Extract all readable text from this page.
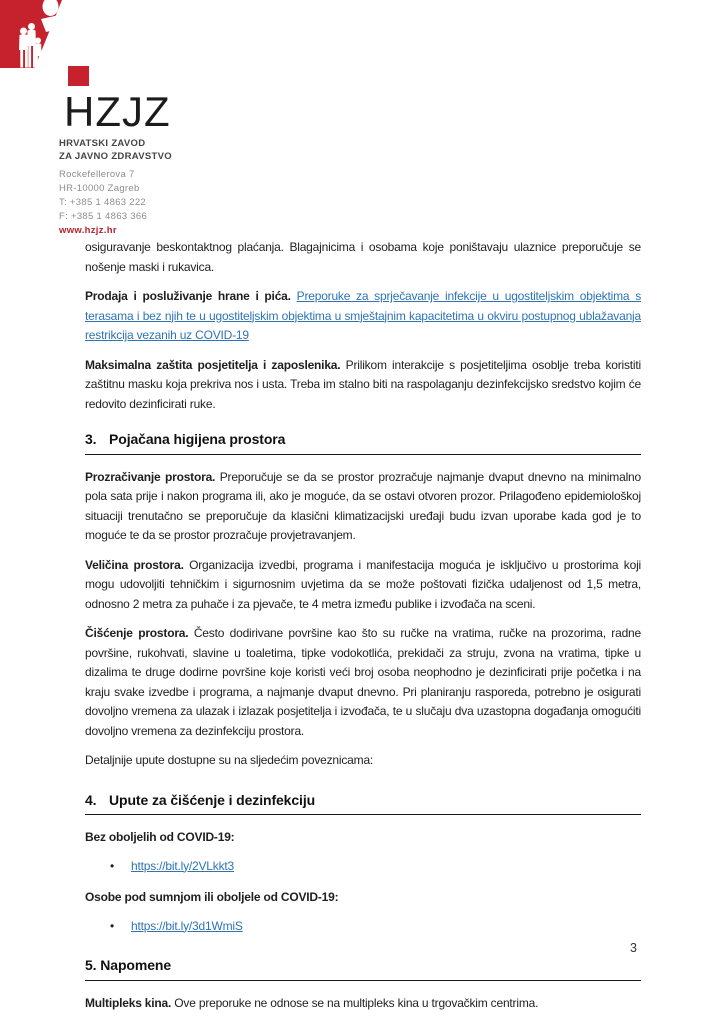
HZJZ
HRVATSKI ZAVOD
ZA JAVNO ZDRAVSTVO
Rockefellerova 7
HR-10000 Zagreb
T: +385 1 4863 222
F: +385 1 4863 366
www.hzjz.hr

osiguravanje beskontaktnog plaćanja. Blagajnicima i osobama koje poništavaju ulaznice preporučuje se nošenje maski i rukavica.

Prodaja i posluživanje hrane i pića. Preporuke za sprječavanje infekcije u ugostiteljskim objektima s terasama i bez njih te u ugostiteljskim objektima u smještajnim kapacitetima u okviru postupnog ublažavanja restrikcija vezanih uz COVID-19

Maksimalna zaštita posjetitelja i zaposlenika. Prilikom interakcije s posjetiteljima osoblje treba koristiti zaštitnu masku koja prekriva nos i usta. Treba im stalno biti na raspolaganju dezinfekcijsko sredstvo kojim će redovito dezinficirati ruke.

3. Pojačana higijena prostora

Prozračivanje prostora. Preporučuje se da se prostor prozračuje najmanje dvaput dnevno na minimalno pola sata prije i nakon programa ili, ako je moguće, da se ostavi otvoren prozor. Prilagođeno epidemiološkoj situaciji trenutačno se preporučuje da klasični klimatizacijski uređaji budu izvan uporabe kada god je to moguće te da se prostor prozračuje provjetravanjem.

Veličina prostora. Organizacija izvedbi, programa i manifestacija moguća je isključivo u prostorima koji mogu udovoljiti tehničkim i sigurnosnim uvjetima da se može poštovati fizička udaljenost od 1,5 metra, odnosno 2 metra za puhače i za pjevače, te 4 metra između publike i izvođača na sceni.

Čišćenje prostora. Često dodirivane površine kao što su ručke na vratima, ručke na prozorima, radne površine, rukohvati, slavine u toaletima, tipke vodokotlića, prekidači za struju, zvona na vratima, tipke u dizalima te druge dodirne površine koje koristi veći broj osoba neophodno je dezinficirati prije početka i na kraju svake izvedbe i programa, a najmanje dvaput dnevno. Pri planiranju rasporeda, potrebno je osigurati dovoljno vremena za ulazak i izlazak posjetitelja i izvođača, te u slučaju dva uzastopna događanja omogućiti dovoljno vremena za dezinfekciju prostora.

Detaljnije upute dostupne su na sljedećim poveznicama:

4. Upute za čišćenje i dezinfekciju

Bez oboljelih od COVID-19:

• https://bit.ly/2VLkkt3

Osobe pod sumnjom ili oboljele od COVID-19:

• https://bit.ly/3d1WmiS
5. Napomene

Multipleks kina. Ove preporuke ne odnose se na multipleks kina u trgovačkim centrima.

3
